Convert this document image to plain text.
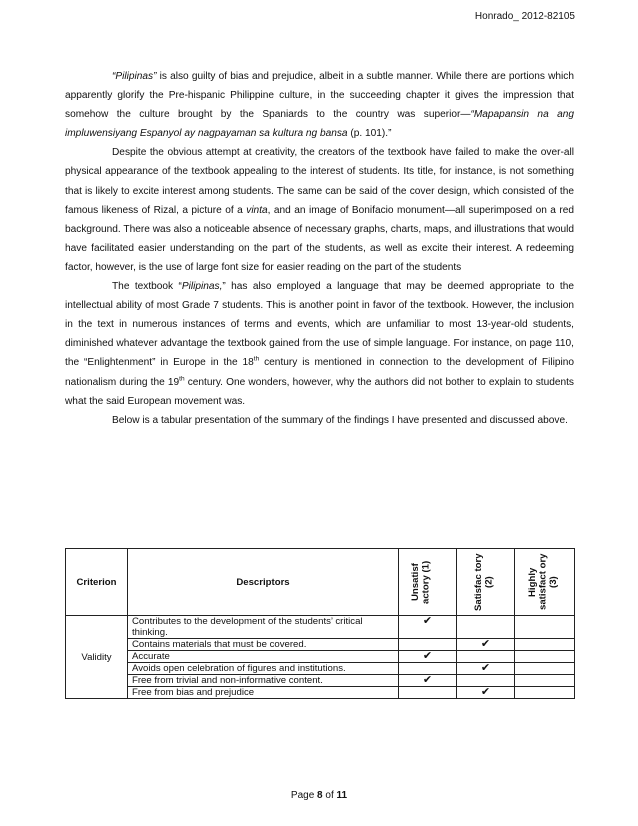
Honrado_ 2012-82105

“Pilipinas” is also guilty of bias and prejudice, albeit in a subtle manner. While there are portions which apparently glorify the Pre-hispanic Philippine culture, in the succeeding chapter it gives the impression that somehow the culture brought by the Spaniards to the country was superior—“Mapapansin na ang impluwensiyang Espanyol ay nagpayaman sa kultura ng bansa (p. 101).”

Despite the obvious attempt at creativity, the creators of the textbook have failed to make the over-all physical appearance of the textbook appealing to the interest of students. Its title, for instance, is not something that is likely to excite interest among students. The same can be said of the cover design, which consisted of the famous likeness of Rizal, a picture of a vinta, and an image of Bonifacio monument—all superimposed on a red background. There was also a noticeable absence of necessary graphs, charts, maps, and illustrations that would have facilitated easier understanding on the part of the students, as well as excite their interest. A redeeming factor, however, is the use of large font size for easier reading on the part of the students

The textbook “Pilipinas,” has also employed a language that may be deemed appropriate to the intellectual ability of most Grade 7 students. This is another point in favor of the textbook. However, the inclusion in the text in numerous instances of terms and events, which are unfamiliar to most 13-year-old students, diminished whatever advantage the textbook gained from the use of simple language. For instance, on page 110, the “Enlightenment” in Europe in the 18th century is mentioned in connection to the development of Filipino nationalism during the 19th century. One wonders, however, why the authors did not bother to explain to students what the said European movement was.

Below is a tabular presentation of the summary of the findings I have presented and discussed above.

Criterion	Descriptors	Unsatisf actory (1)	Satisfac tory (2)	Highly satisfact ory (3)

Validity	Contributes to the development of the students’ critical thinking.	✔		
	Contains materials that must be covered.		✔	
	Accurate	✔		
	Avoids open celebration of figures and institutions.		✔	
	Free from trivial and non-informative content.	✔		
	Free from bias and prejudice		✔	
Page 8 of 11
